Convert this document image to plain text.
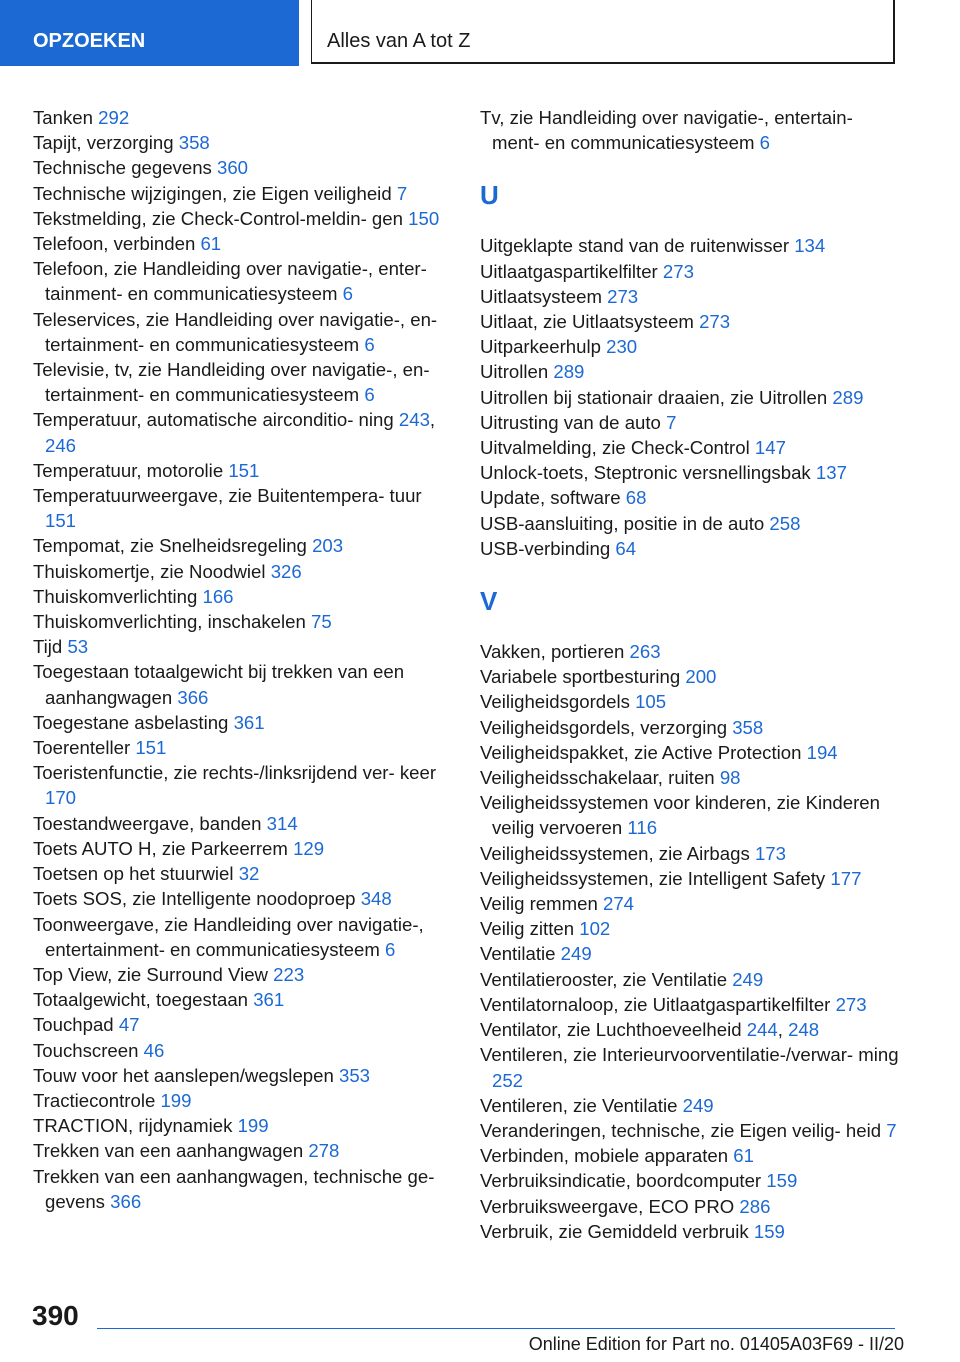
OPZOEKEN	Alles van A tot Z
Tanken 292
Tapijt, verzorging 358
Technische gegevens 360
Technische wijzigingen, zie Eigen veiligheid 7
Tekstmelding, zie Check-Control-meldin- gen 150
Telefoon, verbinden 61
Telefoon, zie Handleiding over navigatie-, enter- tainment- en communicatiesysteem 6
Teleservices, zie Handleiding over navigatie-, en- tertainment- en communicatiesysteem 6
Televisie, tv, zie Handleiding over navigatie-, en- tertainment- en communicatiesysteem 6
Temperatuur, automatische airconditio- ning 243, 246
Temperatuur, motorolie 151
Temperatuurweergave, zie Buitentempera- tuur 151
Tempomat, zie Snelheidsregeling 203
Thuiskomertje, zie Noodwiel 326
Thuiskomverlichting 166
Thuiskomverlichting, inschakelen 75
Tijd 53
Toegestaan totaalgewicht bij trekken van een aanhangwagen 366
Toegestane asbelasting 361
Toerenteller 151
Toeristenfunctie, zie rechts-/linksrijdend ver- keer 170
Toestandweergave, banden 314
Toets AUTO H, zie Parkeerrem 129
Toetsen op het stuurwiel 32
Toets SOS, zie Intelligente noodoproep 348
Toonweergave, zie Handleiding over navigatie-, entertainment- en communicatiesysteem 6
Top View, zie Surround View 223
Totaalgewicht, toegestaan 361
Touchpad 47
Touchscreen 46
Touw voor het aanslepen/wegslepen 353
Tractiecontrole 199
TRACTION, rijdynamiek 199
Trekken van een aanhangwagen 278
Trekken van een aanhangwagen, technische ge- gevens 366
Tv, zie Handleiding over navigatie-, entertain- ment- en communicatiesysteem 6
U
Uitgeklapte stand van de ruitenwisser 134
Uitlaatgaspartikelfilter 273
Uitlaatsysteem 273
Uitlaat, zie Uitlaatsysteem 273
Uitparkeerhulp 230
Uitrollen 289
Uitrollen bij stationair draaien, zie Uitrollen 289
Uitrusting van de auto 7
Uitvalmelding, zie Check-Control 147
Unlock-toets, Steptronic versnellingsbak 137
Update, software 68
USB-aansluiting, positie in de auto 258
USB-verbinding 64
V
Vakken, portieren 263
Variabele sportbesturing 200
Veiligheidsgordels 105
Veiligheidsgordels, verzorging 358
Veiligheidspakket, zie Active Protection 194
Veiligheidsschakelaar, ruiten 98
Veiligheidssystemen voor kinderen, zie Kinderen veilig vervoeren 116
Veiligheidssystemen, zie Airbags 173
Veiligheidssystemen, zie Intelligent Safety 177
Veilig remmen 274
Veilig zitten 102
Ventilatie 249
Ventilatierooster, zie Ventilatie 249
Ventilatornaloop, zie Uitlaatgaspartikelfilter 273
Ventilator, zie Luchthoeveelheid 244, 248
Ventileren, zie Interieurvoorventilatie-/verwar- ming 252
Ventileren, zie Ventilatie 249
Veranderingen, technische, zie Eigen veilig- heid 7
Verbinden, mobiele apparaten 61
Verbruiksindicatie, boordcomputer 159
Verbruiksweergave, ECO PRO 286
Verbruik, zie Gemiddeld verbruik 159
390
Online Edition for Part no. 01405A03F69 - II/20
